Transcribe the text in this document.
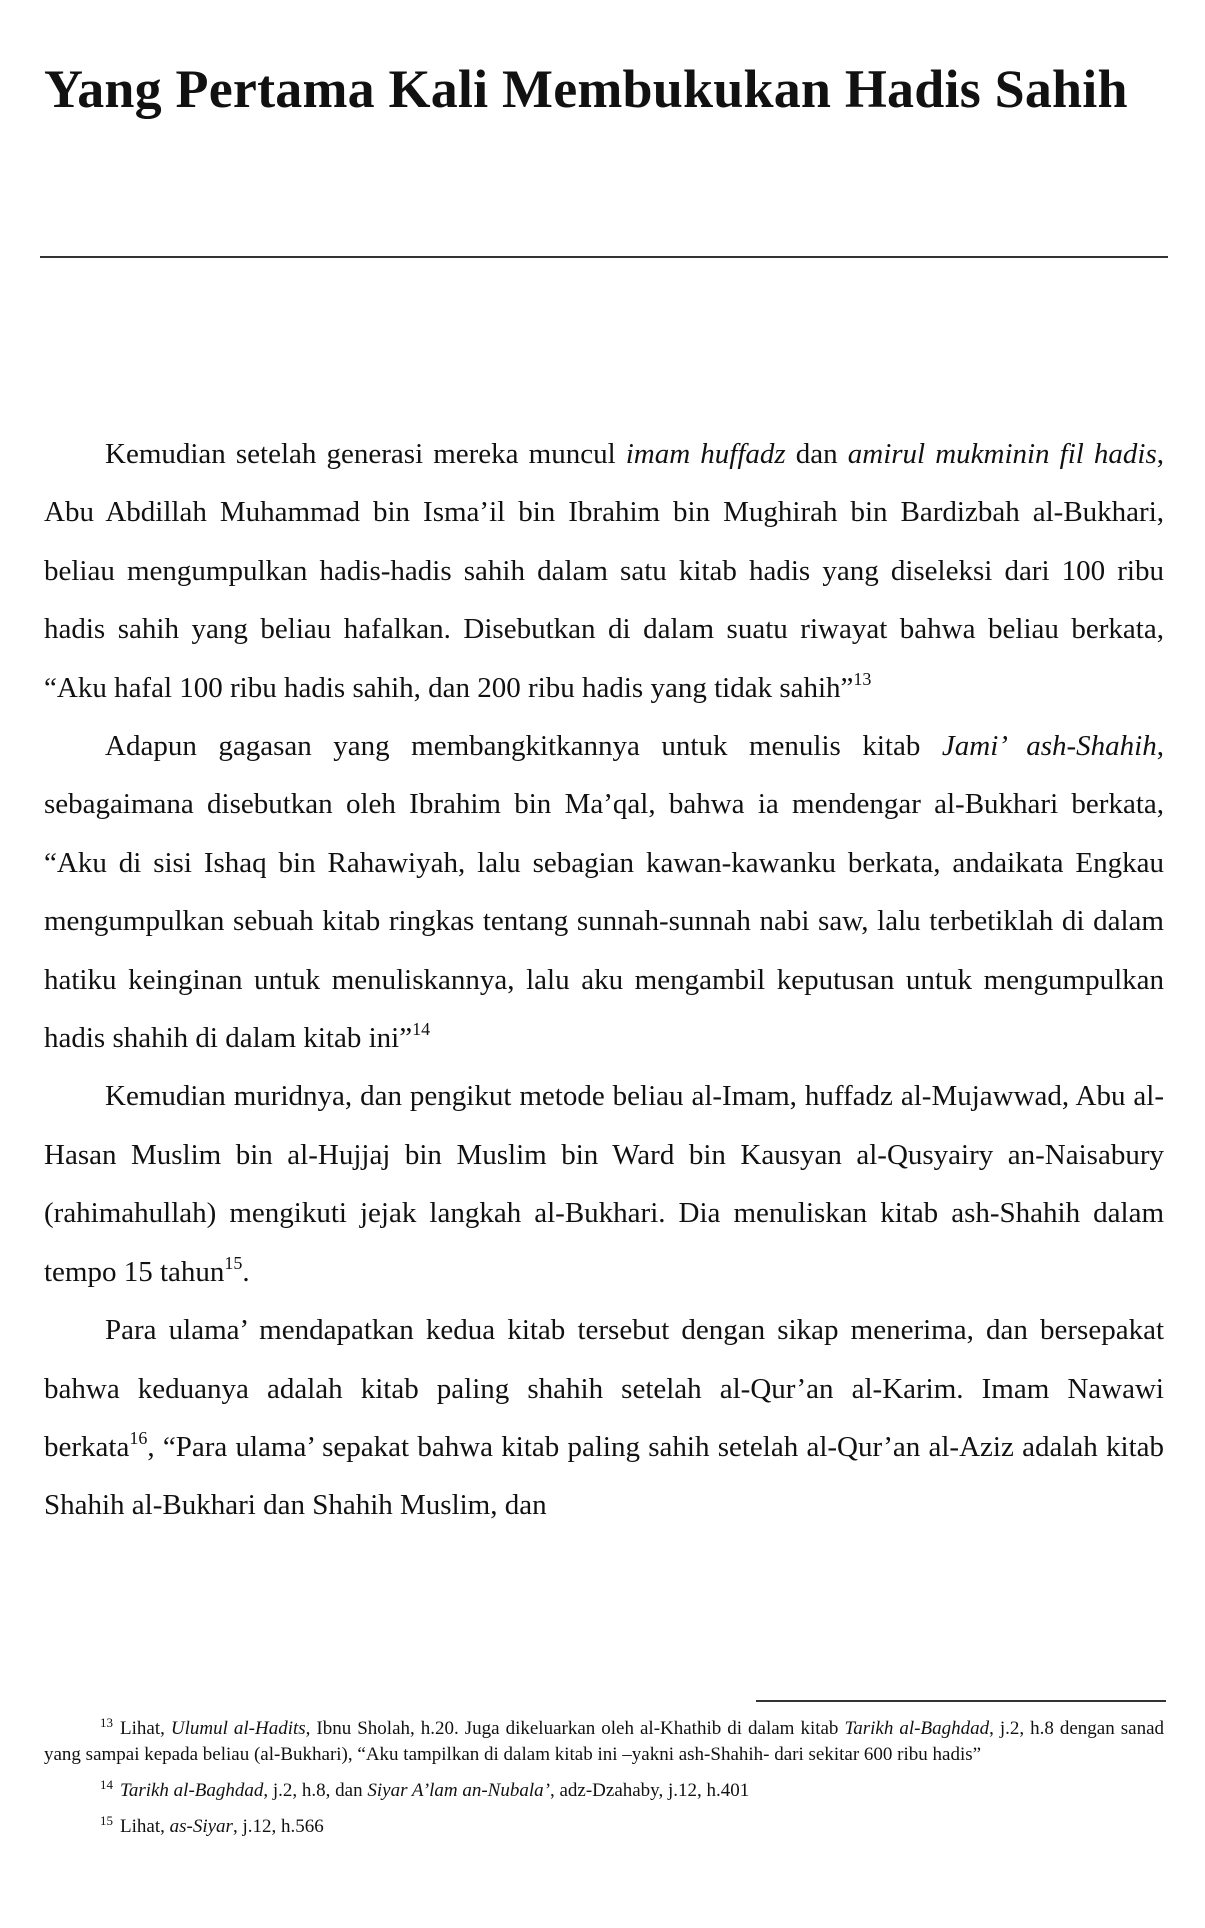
Yang Pertama Kali Membukukan Hadis Sahih

Kemudian setelah generasi mereka muncul imam huffadz dan amirul mukminin fil hadis, Abu Abdillah Muhammad bin Isma’il bin Ibrahim bin Mughirah bin Bardizbah al-Bukhari, beliau mengumpulkan hadis-hadis sahih dalam satu kitab hadis yang diseleksi dari 100 ribu hadis sahih yang beliau hafalkan. Disebutkan di dalam suatu riwayat bahwa beliau berkata, “Aku hafal 100 ribu hadis sahih, dan 200 ribu hadis yang tidak sahih”$^{13}$

Adapun gagasan yang membangkitkannya untuk menulis kitab Jami’ ash-Shahih, sebagaimana disebutkan oleh Ibrahim bin Ma’qal, bahwa ia mendengar al-Bukhari berkata, “Aku di sisi Ishaq bin Rahawiyah, lalu sebagian kawan-kawanku berkata, andaikata Engkau mengumpulkan sebuah kitab ringkas tentang sunnah-sunnah nabi saw, lalu terbetiklah di dalam hatiku keinginan untuk menuliskannya, lalu aku mengambil keputusan untuk mengumpulkan hadis shahih di dalam kitab ini”$^{14}$

Kemudian muridnya, dan pengikut metode beliau al-Imam, huffadz al-Mujawwad, Abu al-Hasan Muslim bin al-Hujjaj bin Muslim bin Ward bin Kausyan al-Qusyairy an-Naisabury (rahimahullah) mengikuti jejak langkah al-Bukhari. Dia menuliskan kitab ash-Shahih dalam tempo 15 tahun$^{15}$.

Para ulama’ mendapatkan kedua kitab tersebut dengan sikap menerima, dan bersepakat bahwa keduanya adalah kitab paling shahih setelah al-Qur’an al-Karim. Imam Nawawi berkata$^{16}$, “Para ulama’ sepakat bahwa kitab paling sahih setelah al-Qur’an al-Aziz adalah kitab Shahih al-Bukhari dan Shahih Muslim, dan

$^{13}$ Lihat, Ulumul al-Hadits, Ibnu Sholah, h.20. Juga dikeluarkan oleh al-Khathib di dalam kitab Tarikh al-Baghdad, j.2, h.8 dengan sanad yang sampai kepada beliau (al-Bukhari), “Aku tampilkan di dalam kitab ini –yakni ash-Shahih- dari sekitar 600 ribu hadis”

$^{14}$ Tarikh al-Baghdad, j.2, h.8, dan Siyar A’lam an-Nubala’, adz-Dzahaby, j.12, h.401

$^{15}$ Lihat, as-Siyar, j.12, h.566
